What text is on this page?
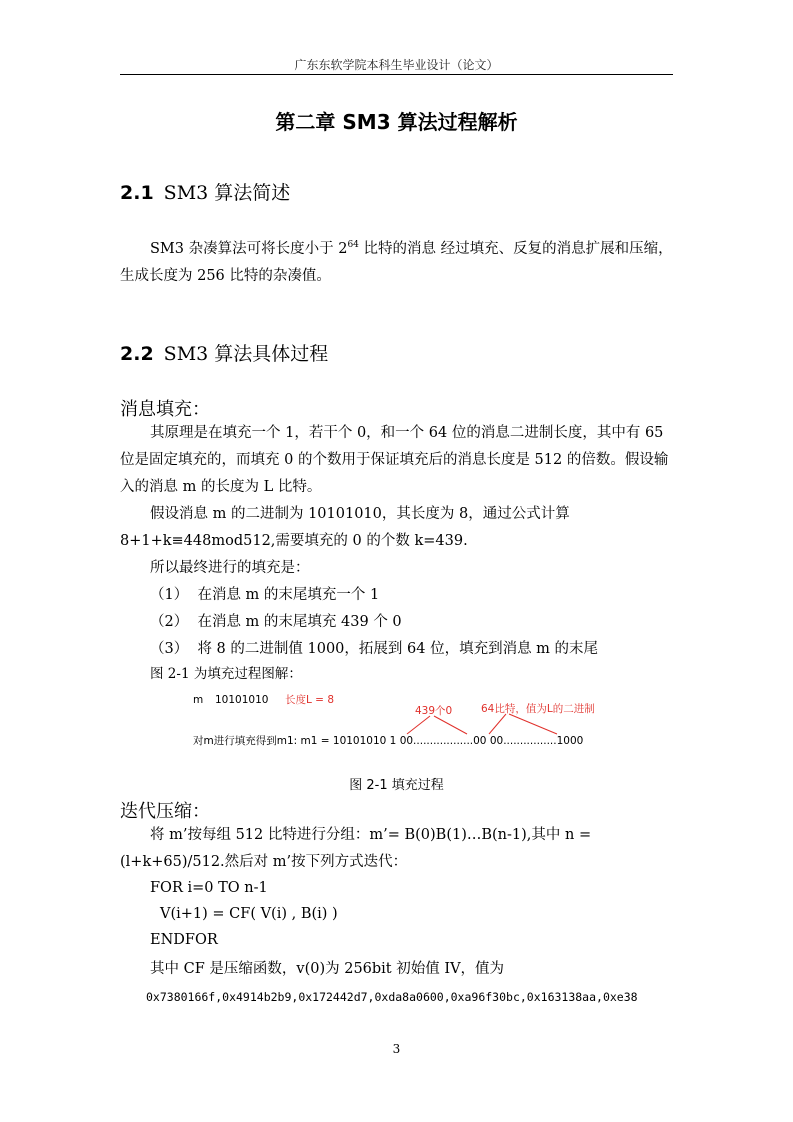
广东东软学院本科生毕业设计（论文）
第二章 SM3 算法过程解析
2.1 SM3 算法简述
SM3 杂凑算法可将长度小于 $2^{64}$ 比特的消息 经过填充、反复的消息扩展和压缩，生成长度为 256 比特的杂凑值。
2.2 SM3 算法具体过程
消息填充：
其原理是在填充一个 1，若干个 0，和一个 64 位的消息二进制长度，其中有 65 位是固定填充的，而填充 0 的个数用于保证填充后的消息长度是 512 的倍数。假设输入的消息 m 的长度为 L 比特。
假设消息 m 的二进制为 10101010，其长度为 8，通过公式计算 8+1+k≡448mod512,需要填充的 0 的个数 k=439.
所以最终进行的填充是：
（1） 在消息 m 的末尾填充一个 1
（2） 在消息 m 的末尾填充 439 个 0
（3） 将 8 的二进制值 1000，拓展到 64 位，填充到消息 m 的末尾
图 2-1 为填充过程图解：
m 10101010 长度L = 8
439个0	64比特，值为L的二进制
对m进行填充得到m1: m1 = 10101010 1 00..................00 00................1000
图 2-1 填充过程
迭代压缩：
将 m’按每组 512 比特进行分组：m’= B(0)B(1)…B(n-1),其中 n =(l+k+65)/512.然后对 m’按下列方式迭代：
FOR i=0 TO n-1
V(i+1) = CF( V(i) , B(i) )
ENDFOR
其中 CF 是压缩函数，v(0)为 256bit 初始值 IV，值为
0x7380166f,0x4914b2b9,0x172442d7,0xda8a0600,0xa96f30bc,0x163138aa,0xe38
3
